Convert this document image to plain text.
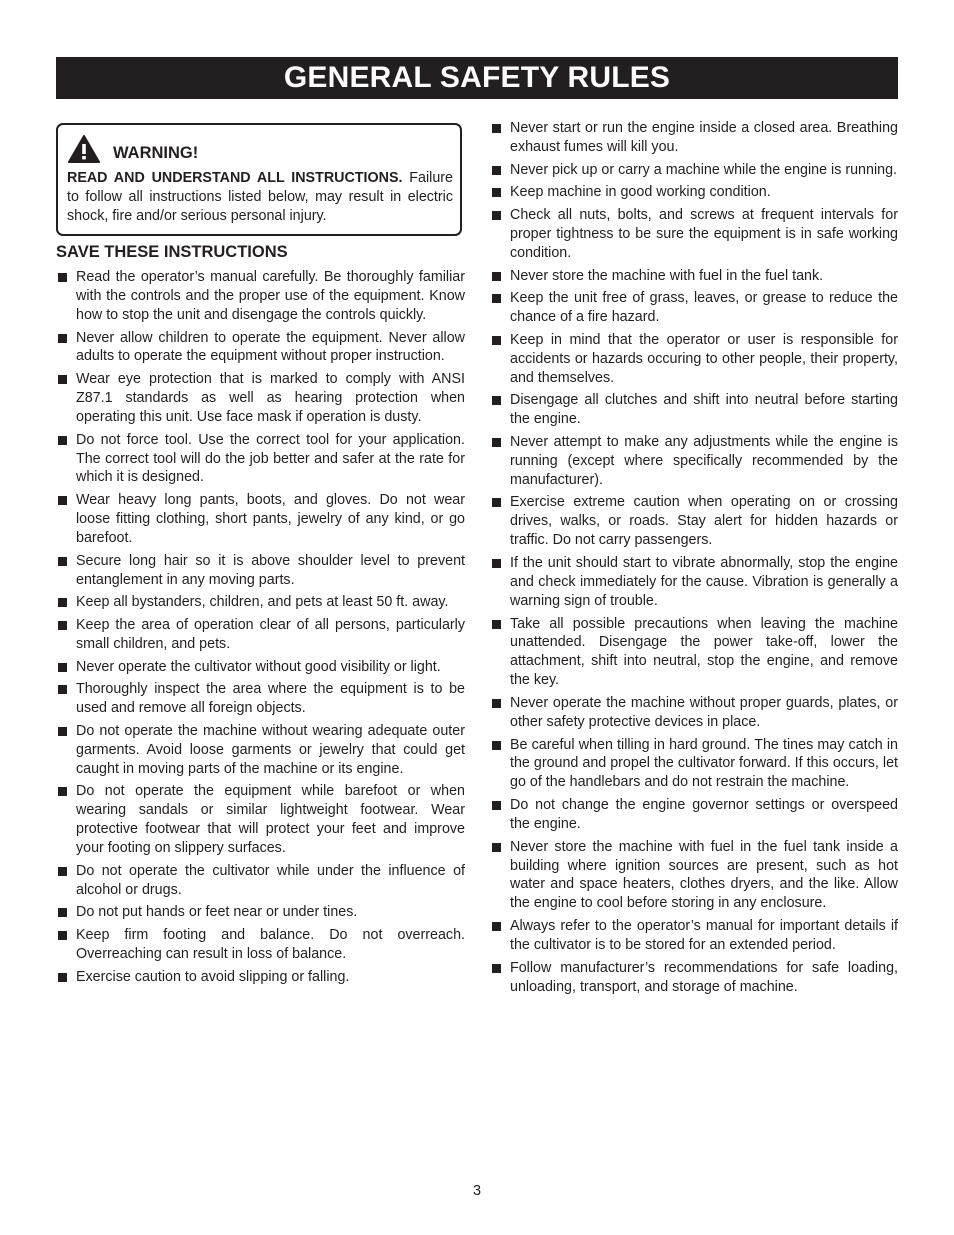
GENERAL SAFETY RULES
WARNING!
READ AND UNDERSTAND ALL INSTRUCTIONS. Failure to follow all instructions listed below, may result in electric shock, fire and/or serious personal injury.
SAVE THESE INSTRUCTIONS
Read the operator’s manual carefully. Be thoroughly familiar with the controls and the proper use of the equipment. Know how to stop the unit and disengage the controls quickly.
Never allow children to operate the equipment. Never allow adults to operate the equipment without proper instruction.
Wear eye protection that is marked to comply with ANSI Z87.1 standards as well as hearing protection when operating this unit. Use face mask if operation is dusty.
Do not force tool. Use the correct tool for your application. The correct tool will do the job better and safer at the rate for which it is designed.
Wear heavy long pants, boots, and gloves. Do not wear loose fitting clothing, short pants, jewelry of any kind, or go barefoot.
Secure long hair so it is above shoulder level to prevent entanglement in any moving parts.
Keep all bystanders, children, and pets at least 50 ft. away.
Keep the area of operation clear of all persons, particularly small children, and pets.
Never operate the cultivator without good visibility or light.
Thoroughly inspect the area where the equipment is to be used and remove all foreign objects.
Do not operate the machine without wearing adequate outer garments. Avoid loose garments or jewelry that could get caught in moving parts of the machine or its engine.
Do not operate the equipment while barefoot or when wearing sandals or similar lightweight footwear. Wear protective footwear that will protect your feet and improve your footing on slippery surfaces.
Do not operate the cultivator while under the influence of alcohol or drugs.
Do not put hands or feet near or under tines.
Keep firm footing and balance. Do not overreach. Overreaching can result in loss of balance.
Exercise caution to avoid slipping or falling.
Never start or run the engine inside a closed area. Breathing exhaust fumes will kill you.
Never pick up or carry a machine while the engine is running.
Keep machine in good working condition.
Check all nuts, bolts, and screws at frequent intervals for proper tightness to be sure the equipment is in safe working condition.
Never store the machine with fuel in the fuel tank.
Keep the unit free of grass, leaves, or grease to reduce the chance of a fire hazard.
Keep in mind that the operator or user is responsible for accidents or hazards occuring to other people, their property, and themselves.
Disengage all clutches and shift into neutral before starting the engine.
Never attempt to make any adjustments while the engine is running (except where specifically recommended by the manufacturer).
Exercise extreme caution when operating on or crossing drives, walks, or roads. Stay alert for hidden hazards or traffic. Do not carry passengers.
If the unit should start to vibrate abnormally, stop the engine and check immediately for the cause. Vibration is generally a warning sign of trouble.
Take all possible precautions when leaving the machine unattended. Disengage the power take-off, lower the attachment, shift into neutral, stop the engine, and remove the key.
Never operate the machine without proper guards, plates, or other safety protective devices in place.
Be careful when tilling in hard ground. The tines may catch in the ground and propel the cultivator forward. If this occurs, let go of the handlebars and do not restrain the machine.
Do not change the engine governor settings or overspeed the engine.
Never store the machine with fuel in the fuel tank inside a building where ignition sources are present, such as hot water and space heaters, clothes dryers, and the like. Allow the engine to cool before storing in any enclosure.
Always refer to the operator’s manual for important details if the cultivator is to be stored for an extended period.
Follow manufacturer’s recommendations for safe loading, unloading, transport, and storage of machine.
3
